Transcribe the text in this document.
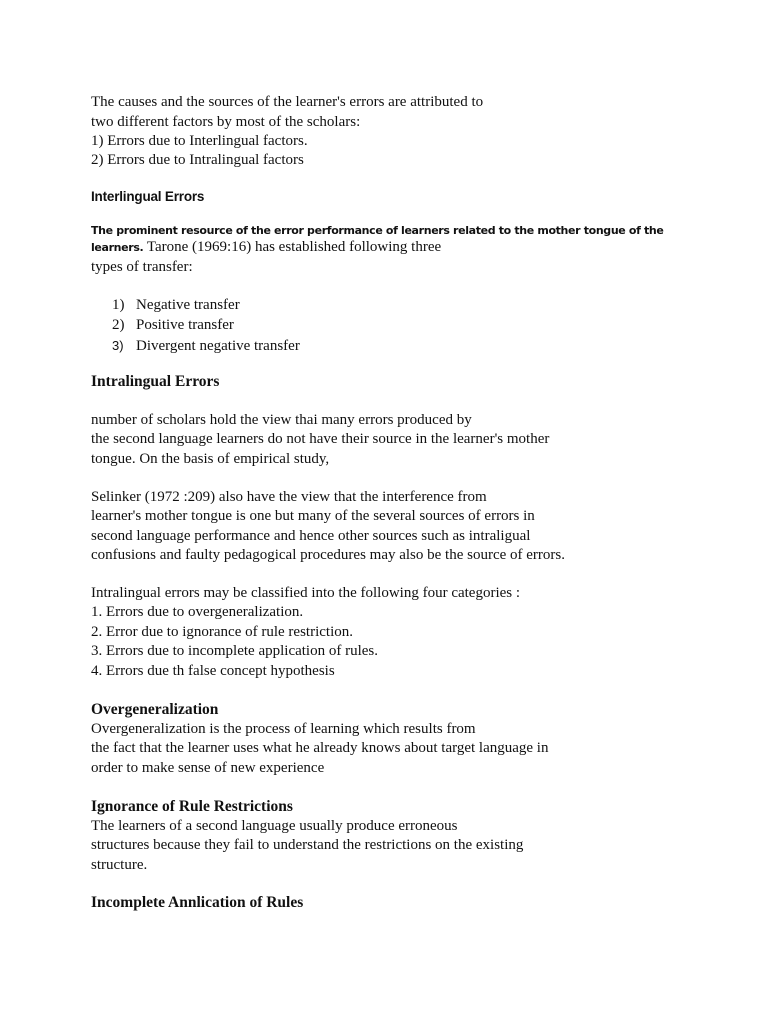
The causes and the sources of the learner's errors are attributed to

two different factors by most of the scholars:

1) Errors due to Interlingual factors.

2) Errors due to Intralingual factors

Interlingual Errors

The prominent resource of the error performance of learners related to the mother tongue of the

learners. Tarone (1969:16) has established following three

types of transfer:

1) Negative transfer

2) Positive transfer

3) Divergent negative transfer

Intralingual Errors

number of scholars hold the view thai many errors produced by

the second language learners do not have their source in the learner's mother

tongue. On the basis of empirical study,

Selinker (1972 :209) also have the view that the interference from

learner's mother tongue is one but many of the several sources of errors in

second language performance and hence other sources such as intraligual

confusions and faulty pedagogical procedures may also be the source of errors.

Intralingual errors may be classified into the following four categories :

1. Errors due to overgeneralization.

2. Error due to ignorance of rule restriction.

3. Errors due to incomplete application of rules.

4. Errors due th false concept hypothesis

Overgeneralization

Overgeneralization is the process of learning which results from

the fact that the learner uses what he already knows about target language in

order to make sense of new experience

Ignorance of Rule Restrictions

The learners of a second language usually produce erroneous

structures because they fail to understand the restrictions on the existing

structure.

Incomplete Annlication of Rules
